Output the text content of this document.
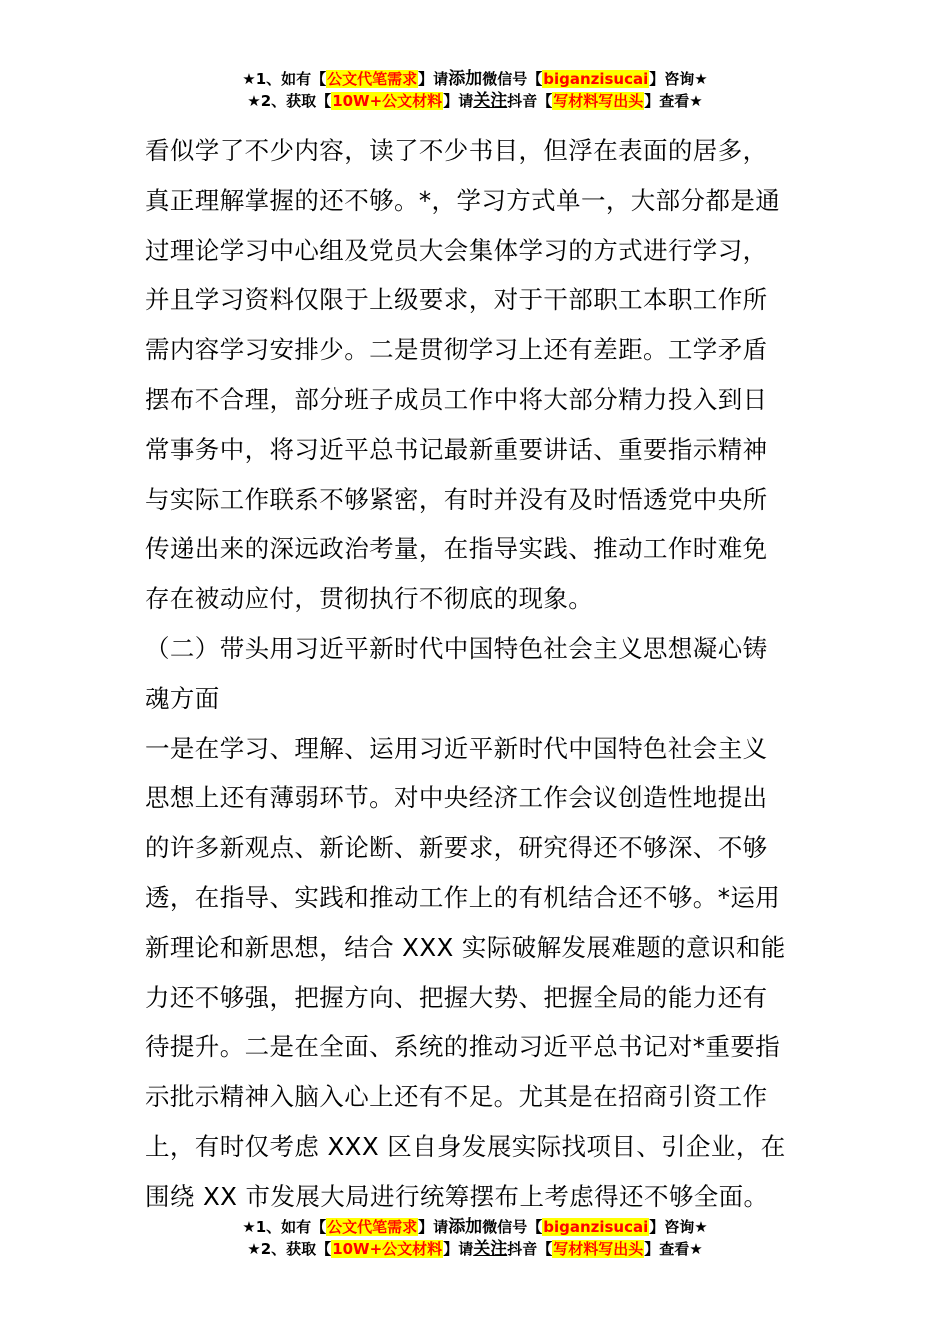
★1、如有【公文代笔需求】请添加微信号【biganzisucai】咨询★
★2、获取【10W+公文材料】请关注抖音【写材料写出头】查看★

看似学了不少内容，读了不少书目，但浮在表面的居多，

真正理解掌握的还不够。*，学习方式单一，大部分都是通

过理论学习中心组及党员大会集体学习的方式进行学习，

并且学习资料仅限于上级要求，对于干部职工本职工作所

需内容学习安排少。二是贯彻学习上还有差距。工学矛盾

摆布不合理，部分班子成员工作中将大部分精力投入到日

常事务中，将习近平总书记最新重要讲话、重要指示精神

与实际工作联系不够紧密，有时并没有及时悟透党中央所

传递出来的深远政治考量，在指导实践、推动工作时难免

存在被动应付，贯彻执行不彻底的现象。

（二）带头用习近平新时代中国特色社会主义思想凝心铸

魂方面

一是在学习、理解、运用习近平新时代中国特色社会主义

思想上还有薄弱环节。对中央经济工作会议创造性地提出

的许多新观点、新论断、新要求，研究得还不够深、不够

透，在指导、实践和推动工作上的有机结合还不够。*运用

新理论和新思想，结合 XXX 实际破解发展难题的意识和能

力还不够强，把握方向、把握大势、把握全局的能力还有

待提升。二是在全面、系统的推动习近平总书记对*重要指

示批示精神入脑入心上还有不足。尤其是在招商引资工作

上，有时仅考虑 XXX 区自身发展实际找项目、引企业，在

围绕 XX 市发展大局进行统筹摆布上考虑得还不够全面。

★1、如有【公文代笔需求】请添加微信号【biganzisucai】咨询★
★2、获取【10W+公文材料】请关注抖音【写材料写出头】查看★
